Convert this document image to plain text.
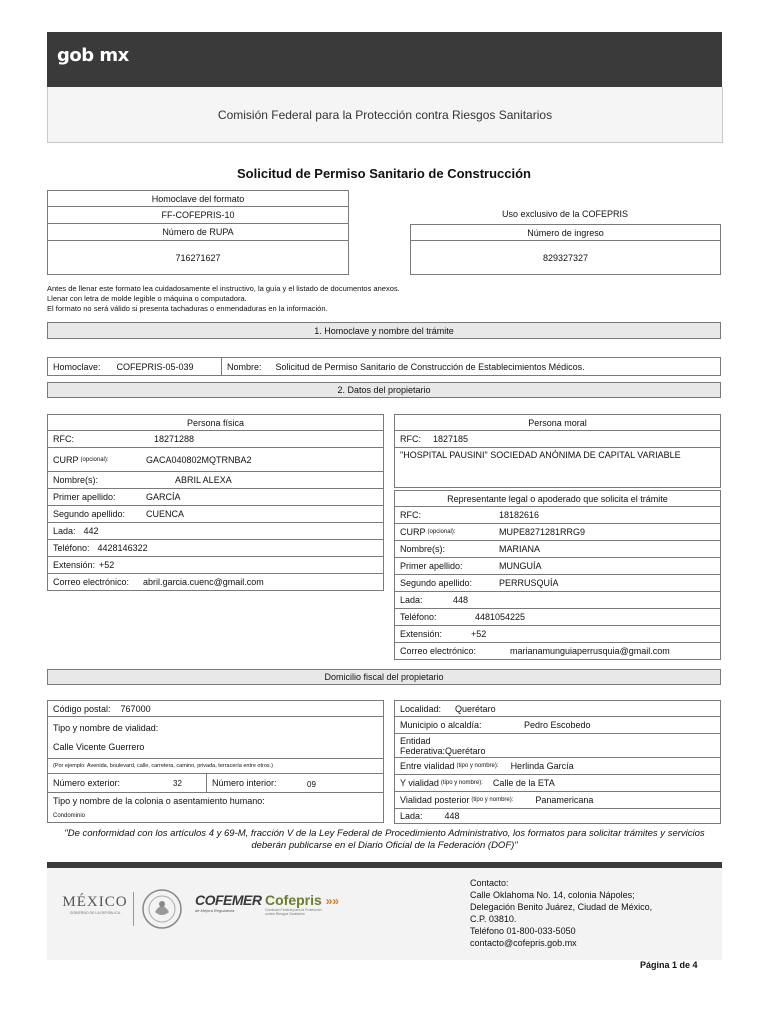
gob mx
Comisión Federal para la Protección contra Riesgos Sanitarios
Solicitud de Permiso Sanitario de Construcción
Homoclave del formato
FF-COFEPRIS-10
Número de RUPA
716271627
Uso exclusivo de la COFEPRIS
Número de ingreso
829327327
Antes de llenar este formato lea cuidadosamente el instructivo, la guía y el listado de documentos anexos.
Llenar con letra de molde legible o máquina o computadora.
El formato no será válido si presenta tachaduras o enmendaduras en la información.
1. Homoclave y nombre del trámite
Homoclave: COFEPRIS-05-039	Nombre: Solicitud de Permiso Sanitario de Construcción de Establecimientos Médicos.
2. Datos del propietario
Persona física
RFC:	18271288
CURP (opcional):	GACA040802MQTRNBA2
Nombre(s):	ABRIL ALEXA
Primer apellido:	GARCÍA
Segundo apellido: CUENCA
Lada: 442
Teléfono: 4428146322
Extensión: +52
Correo electrónico: abril.garcia.cuenc@gmail.com
Persona moral
RFC: 1827185
"HOSPITAL PAUSINI" SOCIEDAD ANÓNIMA DE CAPITAL VARIABLE
Representante legal o apoderado que solicita el trámite
RFC:	18182616
CURP (opcional):	MUPE8271281RRG9
Nombre(s):	MARIANA
Primer apellido:	MUNGUÍA
Segundo apellido:	PERRUSQUÍA
Lada:	448
Teléfono:	4481054225
Extensión:	+52
Correo electrónico:	marianamunguiaperrusquia@gmail.com
Domicilio fiscal del propietario
Código postal: 767000
Tipo y nombre de vialidad:
Calle Vicente Guerrero
(Por ejemplo: Avenida, boulevard, calle, carretera, camino, privada, terracería entre otros.)
Número exterior:	32	Número interior:	09
Tipo y nombre de la colonia o asentamiento humano:
Condominio
Localidad: Querétaro
Municipio o alcaldía:	Pedro Escobedo
Entidad
Federativa:Querétaro
Entre vialidad (tipo y nombre): Herlinda García
Y vialidad (tipo y nombre): Calle de la ETA
Vialidad posterior (tipo y nombre): Panamericana
Lada: 448
"De conformidad con los artículos 4 y 69-M, fracción V de la Ley Federal de Procedimiento Administrativo, los formatos para solicitar trámites y servicios deberán publicarse en el Diario Oficial de la Federación (DOF)"
MÉXICO
GOBIERNO DE LA REPÚBLICA
COFEMER
de Mejora Regulatoria
Cofepris »»
Comisión Federal para la Protección contra Riesgos Sanitarios
Contacto:
Calle Oklahoma No. 14, colonia Nápoles;
Delegación Benito Juárez, Ciudad de México,
C.P. 03810.
Teléfono 01-800-033-5050
contacto@cofepris.gob.mx
Página 1 de 4
